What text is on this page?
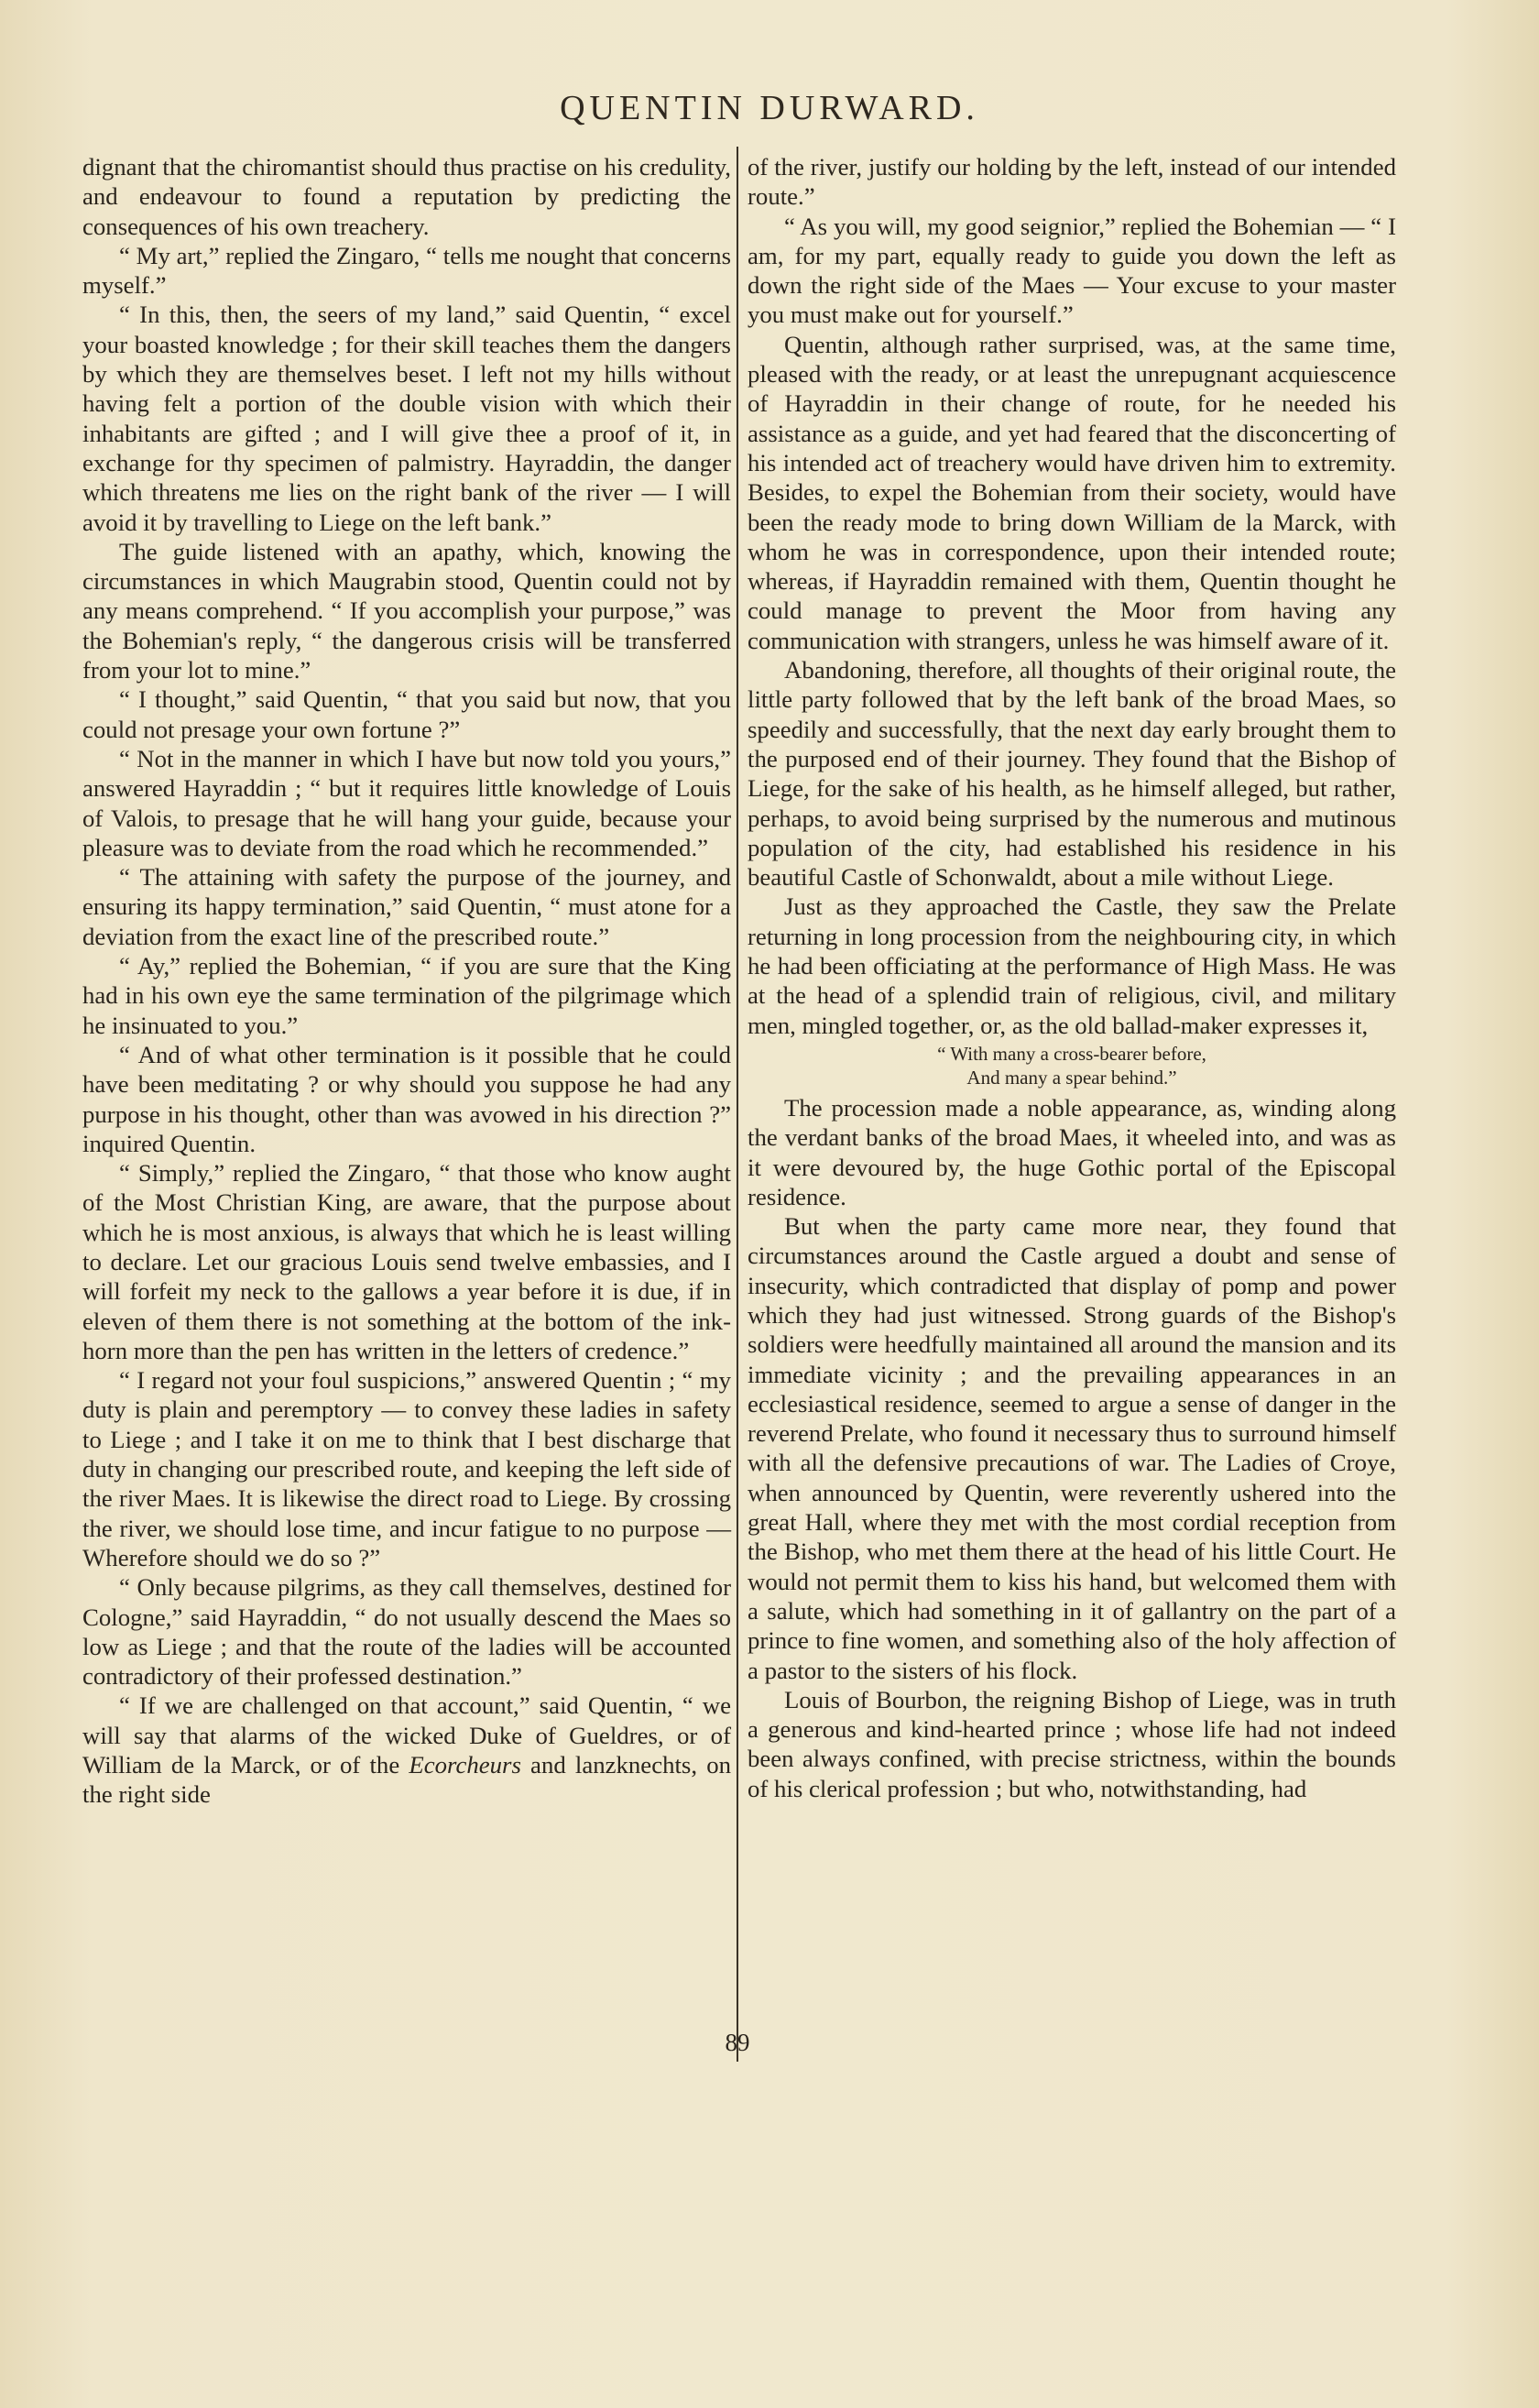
QUENTIN DURWARD.

dignant that the chiromantist should thus practise on his credulity, and endeavour to found a reputation by predicting the consequences of his own treachery.

“ My art,” replied the Zingaro, “ tells me nought that concerns myself.”

“ In this, then, the seers of my land,” said Quentin, “ excel your boasted knowledge ; for their skill teaches them the dangers by which they are themselves beset. I left not my hills without having felt a portion of the double vision with which their inhabitants are gifted ; and I will give thee a proof of it, in exchange for thy specimen of palmistry. Hayraddin, the danger which threatens me lies on the right bank of the river — I will avoid it by travelling to Liege on the left bank.”

The guide listened with an apathy, which, knowing the circumstances in which Maugrabin stood, Quentin could not by any means comprehend. “ If you accomplish your purpose,” was the Bohemian's reply, “ the dangerous crisis will be transferred from your lot to mine.”

“ I thought,” said Quentin, “ that you said but now, that you could not presage your own fortune ?”

“ Not in the manner in which I have but now told you yours,” answered Hayraddin ; “ but it requires little knowledge of Louis of Valois, to presage that he will hang your guide, because your pleasure was to deviate from the road which he recommended.”

“ The attaining with safety the purpose of the journey, and ensuring its happy termination,” said Quentin, “ must atone for a deviation from the exact line of the prescribed route.”

“ Ay,” replied the Bohemian, “ if you are sure that the King had in his own eye the same termination of the pilgrimage which he insinuated to you.”

“ And of what other termination is it possible that he could have been meditating ? or why should you suppose he had any purpose in his thought, other than was avowed in his direction ?” inquired Quentin.

“ Simply,” replied the Zingaro, “ that those who know aught of the Most Christian King, are aware, that the purpose about which he is most anxious, is always that which he is least willing to declare. Let our gracious Louis send twelve embassies, and I will forfeit my neck to the gallows a year before it is due, if in eleven of them there is not something at the bottom of the ink-horn more than the pen has written in the letters of credence.”

“ I regard not your foul suspicions,” answered Quentin ; “ my duty is plain and peremptory — to convey these ladies in safety to Liege ; and I take it on me to think that I best discharge that duty in changing our prescribed route, and keeping the left side of the river Maes. It is likewise the direct road to Liege. By crossing the river, we should lose time, and incur fatigue to no purpose — Wherefore should we do so ?”

“ Only because pilgrims, as they call themselves, destined for Cologne,” said Hayraddin, “ do not usually descend the Maes so low as Liege ; and that the route of the ladies will be accounted contradictory of their professed destination.”

“ If we are challenged on that account,” said Quentin, “ we will say that alarms of the wicked Duke of Gueldres, or of William de la Marck, or of the Ecorcheurs and lanzknechts, on the right side

of the river, justify our holding by the left, instead of our intended route.”

“ As you will, my good seignior,” replied the Bohemian — “ I am, for my part, equally ready to guide you down the left as down the right side of the Maes — Your excuse to your master you must make out for yourself.”

Quentin, although rather surprised, was, at the same time, pleased with the ready, or at least the unrepugnant acquiescence of Hayraddin in their change of route, for he needed his assistance as a guide, and yet had feared that the disconcerting of his intended act of treachery would have driven him to extremity. Besides, to expel the Bohemian from their society, would have been the ready mode to bring down William de la Marck, with whom he was in correspondence, upon their intended route; whereas, if Hayraddin remained with them, Quentin thought he could manage to prevent the Moor from having any communication with strangers, unless he was himself aware of it.

Abandoning, therefore, all thoughts of their original route, the little party followed that by the left bank of the broad Maes, so speedily and successfully, that the next day early brought them to the purposed end of their journey. They found that the Bishop of Liege, for the sake of his health, as he himself alleged, but rather, perhaps, to avoid being surprised by the numerous and mutinous population of the city, had established his residence in his beautiful Castle of Schonwaldt, about a mile without Liege.

Just as they approached the Castle, they saw the Prelate returning in long procession from the neighbouring city, in which he had been officiating at the performance of High Mass. He was at the head of a splendid train of religious, civil, and military men, mingled together, or, as the old ballad-maker expresses it,

“ With many a cross-bearer before,
And many a spear behind.”

The procession made a noble appearance, as, winding along the verdant banks of the broad Maes, it wheeled into, and was as it were devoured by, the huge Gothic portal of the Episcopal residence.

But when the party came more near, they found that circumstances around the Castle argued a doubt and sense of insecurity, which contradicted that display of pomp and power which they had just witnessed. Strong guards of the Bishop's soldiers were heedfully maintained all around the mansion and its immediate vicinity ; and the prevailing appearances in an ecclesiastical residence, seemed to argue a sense of danger in the reverend Prelate, who found it necessary thus to surround himself with all the defensive precautions of war. The Ladies of Croye, when announced by Quentin, were reverently ushered into the great Hall, where they met with the most cordial reception from the Bishop, who met them there at the head of his little Court. He would not permit them to kiss his hand, but welcomed them with a salute, which had something in it of gallantry on the part of a prince to fine women, and something also of the holy affection of a pastor to the sisters of his flock.

Louis of Bourbon, the reigning Bishop of Liege, was in truth a generous and kind-hearted prince ; whose life had not indeed been always confined, with precise strictness, within the bounds of his clerical profession ; but who, notwithstanding, had

89
